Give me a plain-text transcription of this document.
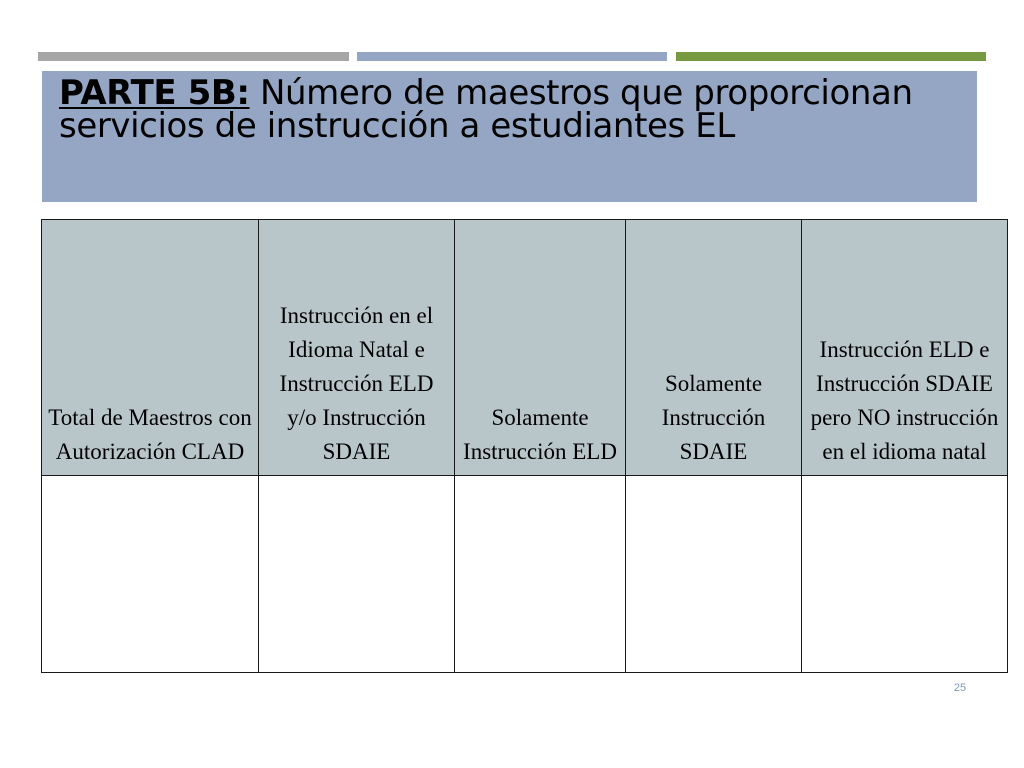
PARTE 5B: Número de maestros que proporcionan servicios de instrucción a estudiantes EL
Total de Maestros con Autorización CLAD	Instrucción en el Idioma Natal e Instrucción ELD y/o Instrucción SDAIE	Solamente Instrucción ELD	Solamente Instrucción SDAIE	Instrucción ELD e Instrucción SDAIE pero NO instrucción en el idioma natal

25
